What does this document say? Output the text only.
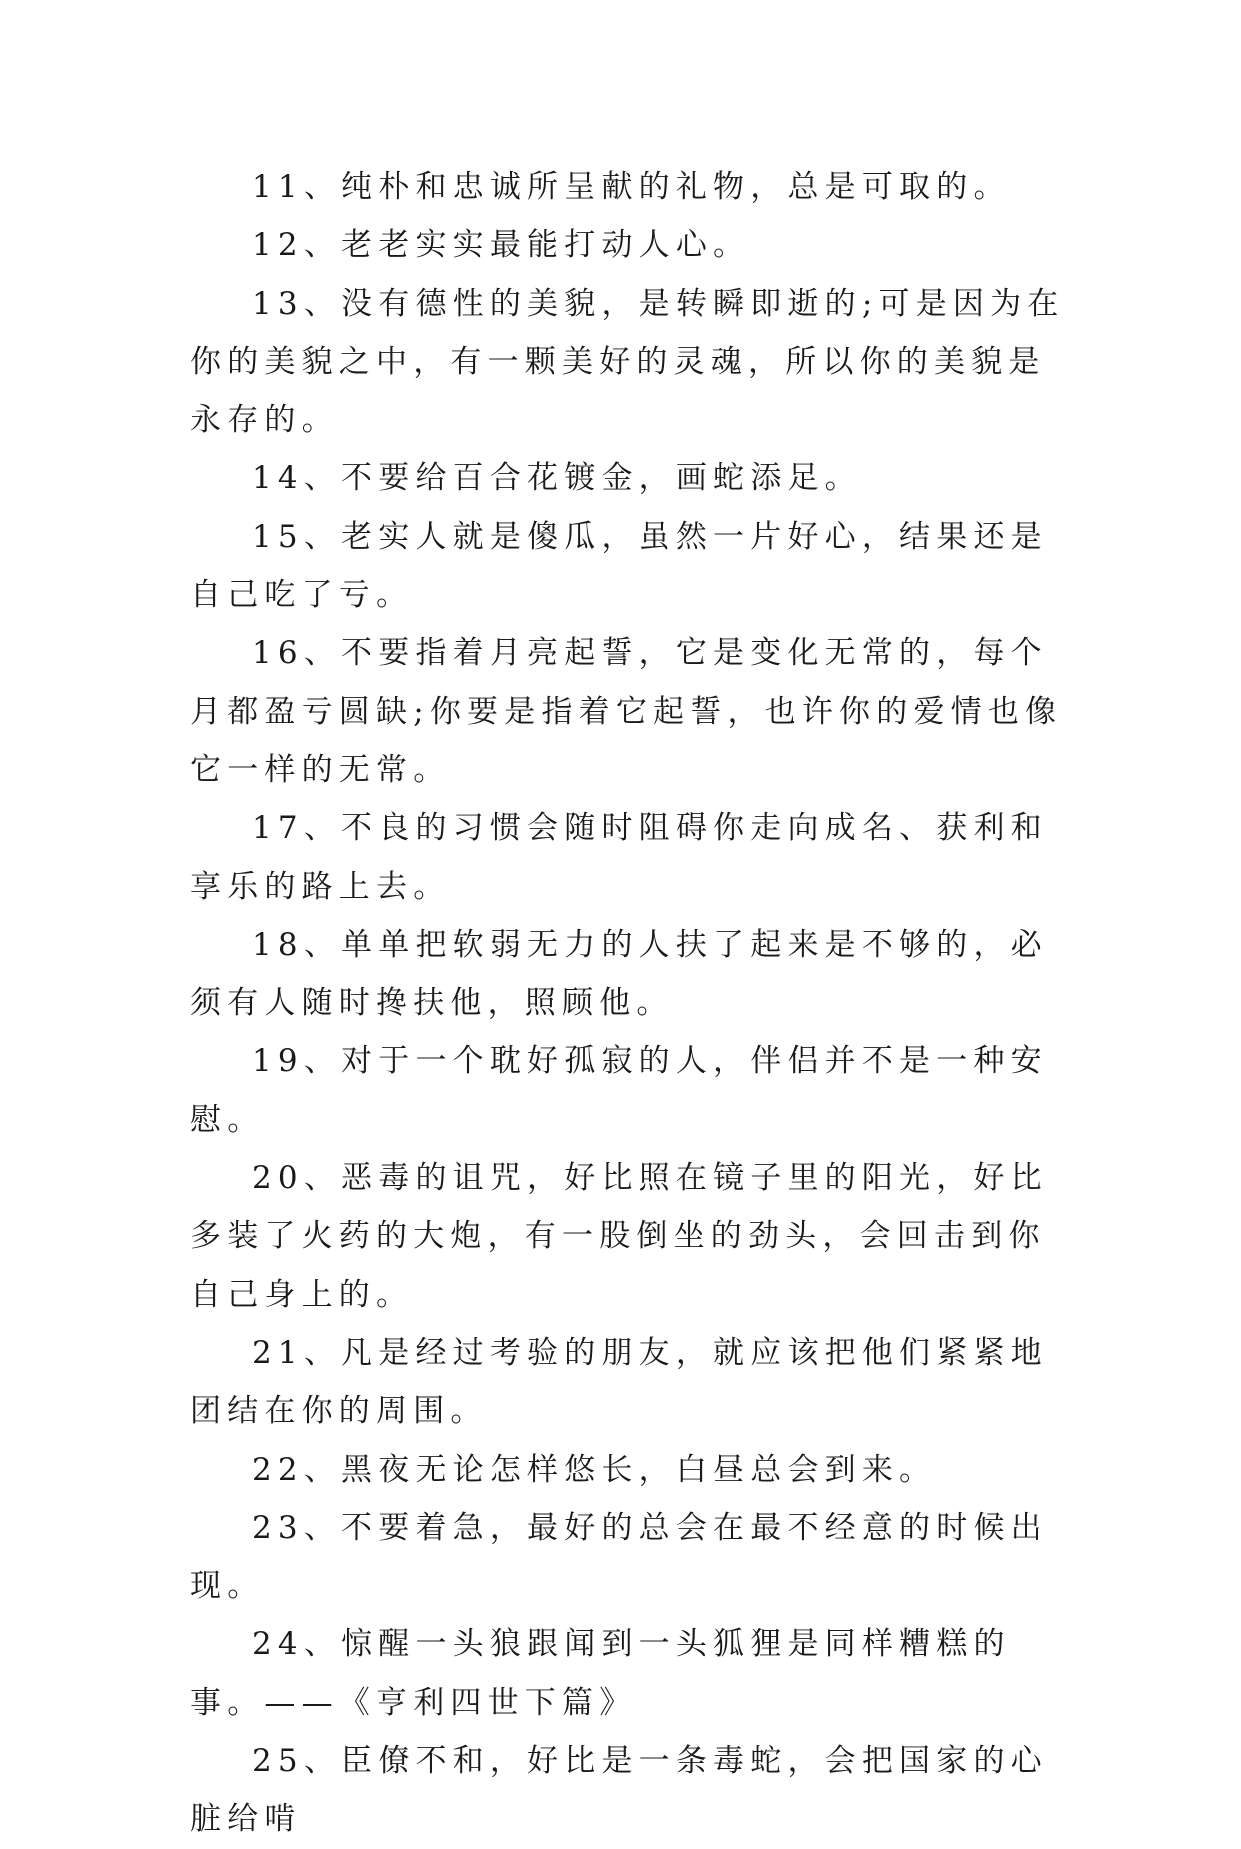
11、纯朴和忠诚所呈献的礼物，总是可取的。

12、老老实实最能打动人心。

13、没有德性的美貌，是转瞬即逝的;可是因为在你的美貌之中，有一颗美好的灵魂，所以你的美貌是永存的。

14、不要给百合花镀金，画蛇添足。

15、老实人就是傻瓜，虽然一片好心，结果还是自己吃了亏。

16、不要指着月亮起誓，它是变化无常的，每个月都盈亏圆缺;你要是指着它起誓，也许你的爱情也像它一样的无常。

17、不良的习惯会随时阻碍你走向成名、获利和享乐的路上去。

18、单单把软弱无力的人扶了起来是不够的，必须有人随时搀扶他，照顾他。

19、对于一个耽好孤寂的人，伴侣并不是一种安慰。

20、恶毒的诅咒，好比照在镜子里的阳光，好比多装了火药的大炮，有一股倒坐的劲头，会回击到你自己身上的。

21、凡是经过考验的朋友，就应该把他们紧紧地团结在你的周围。

22、黑夜无论怎样悠长，白昼总会到来。

23、不要着急，最好的总会在最不经意的时候出现。

24、惊醒一头狼跟闻到一头狐狸是同样糟糕的事。——《亨利四世下篇》

25、臣僚不和，好比是一条毒蛇，会把国家的心脏给啃
